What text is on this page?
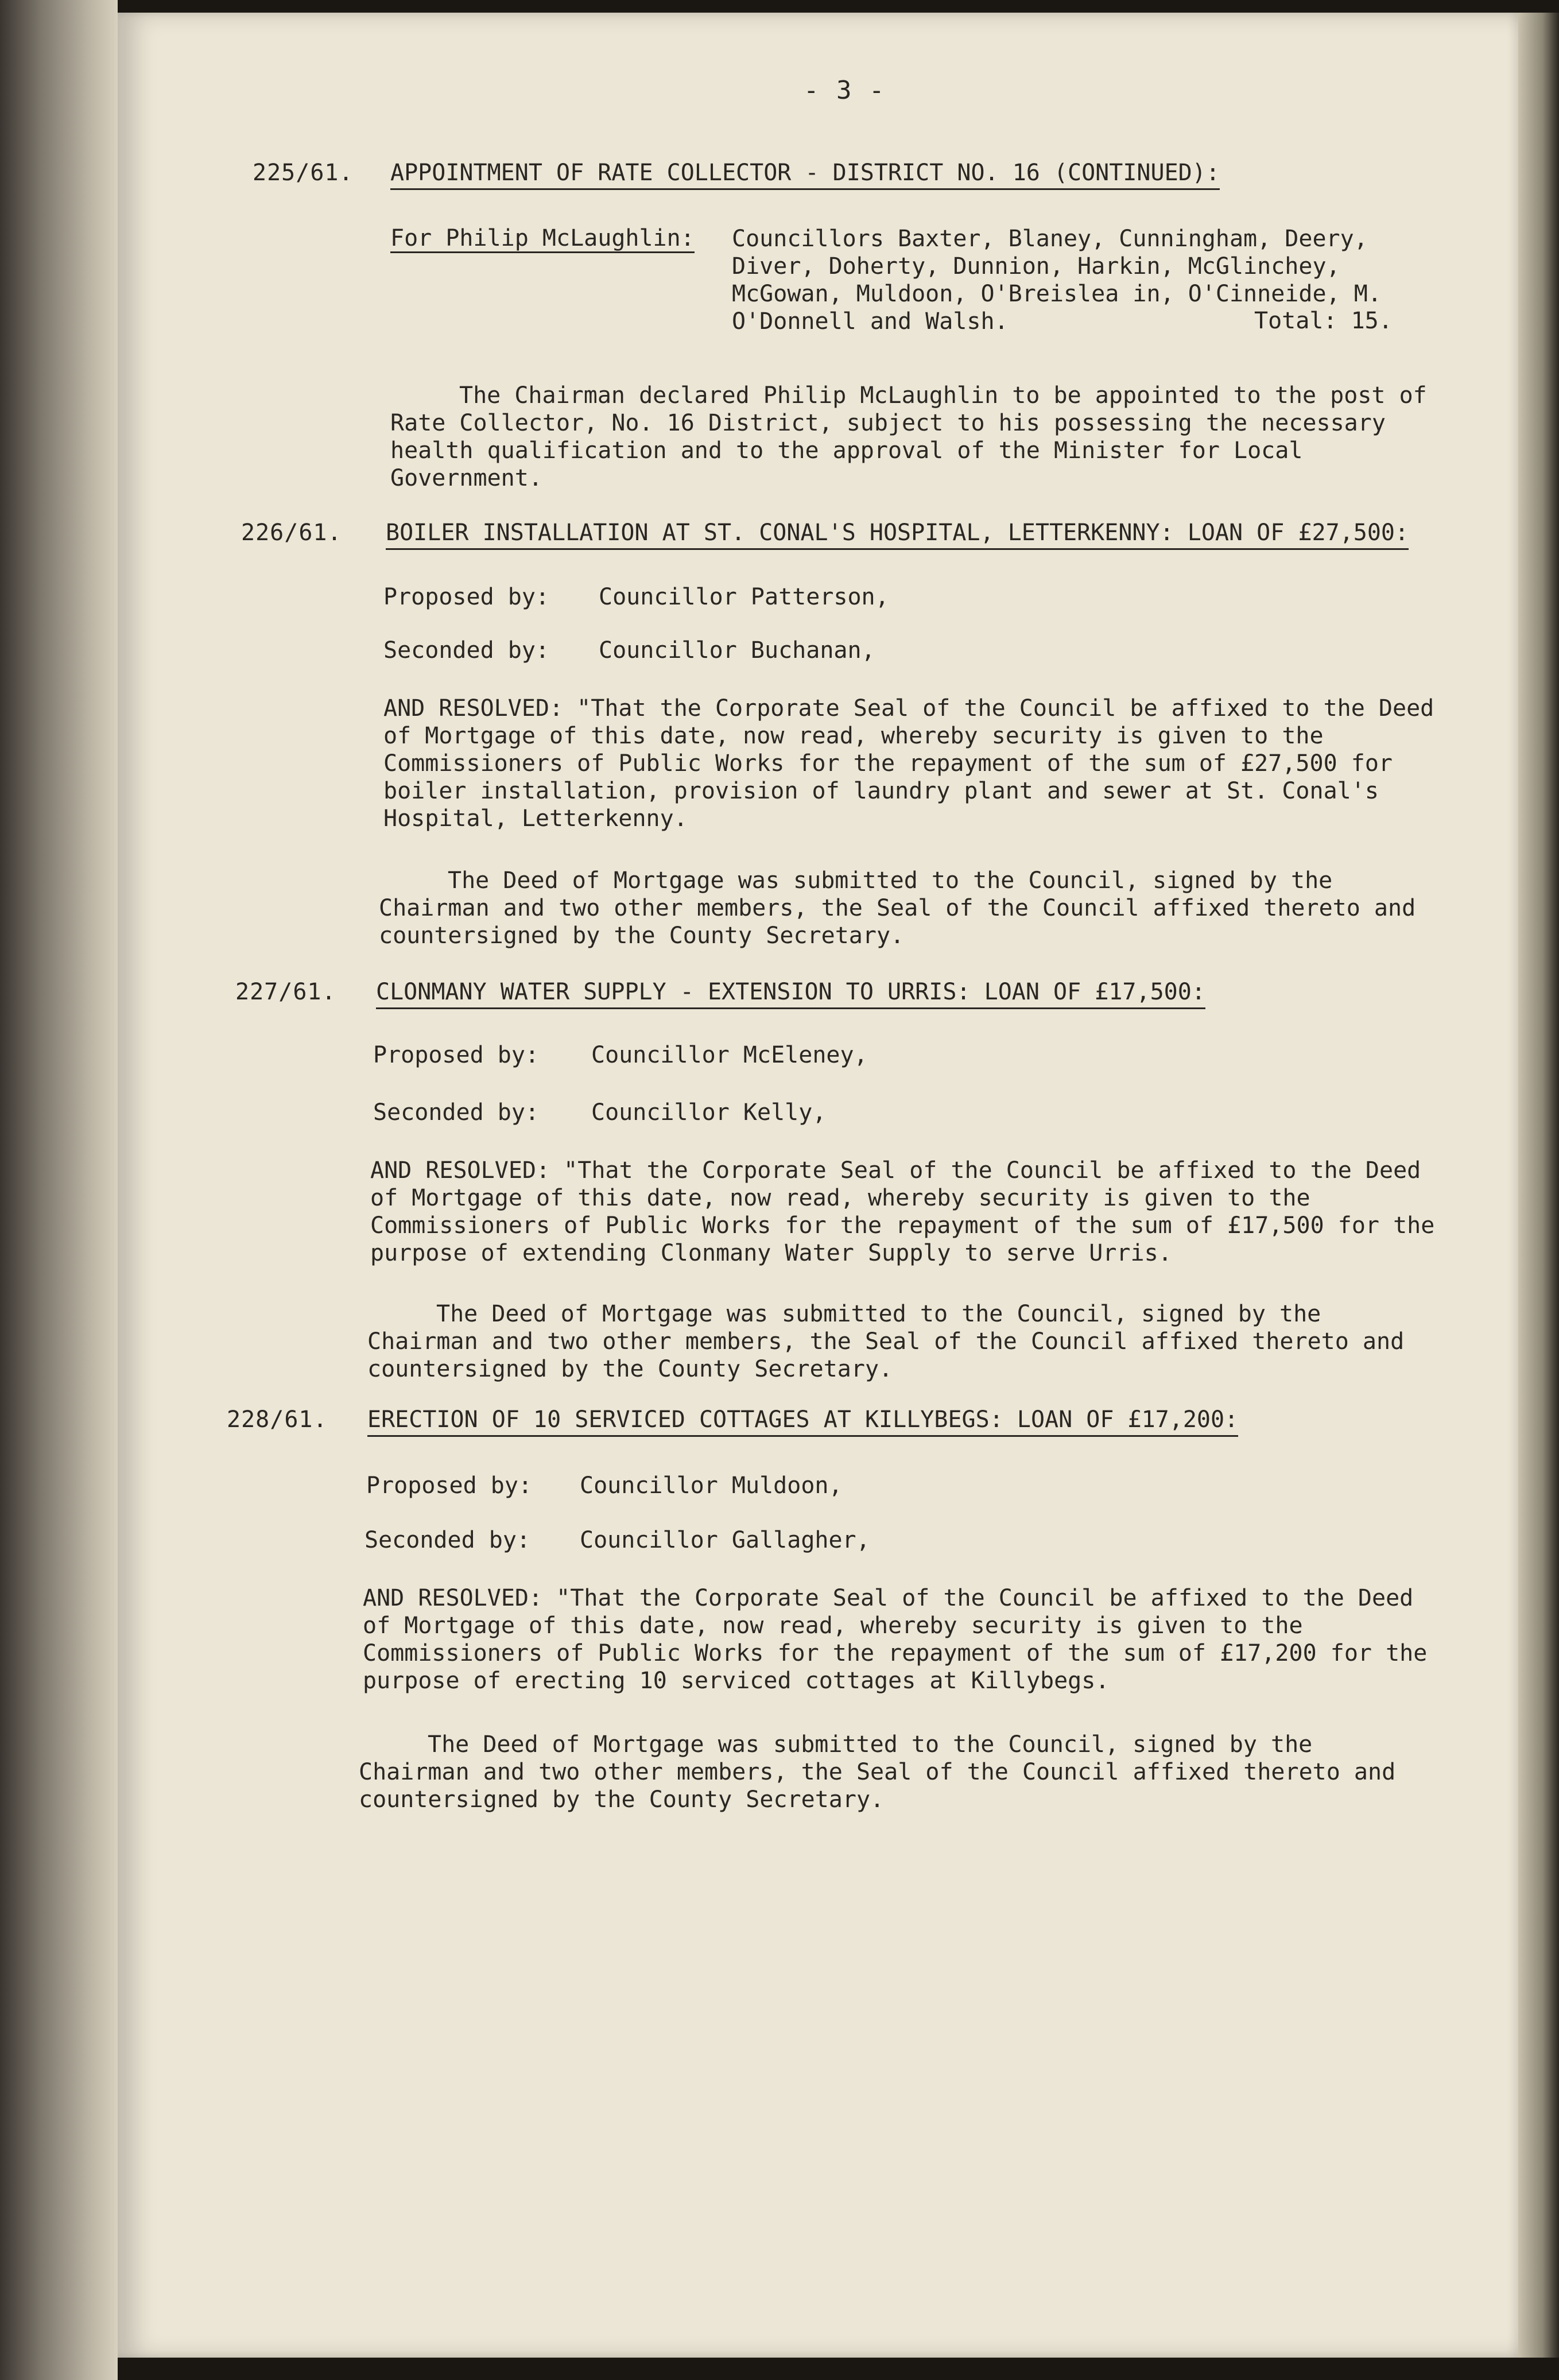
- 3 -
225/61. APPOINTMENT OF RATE COLLECTOR - DISTRICT NO. 16 (CONTINUED):
For Philip McLaughlin: Councillors Baxter, Blaney, Cunningham, Deery, Diver, Doherty, Dunnion, Harkin, McGlinchey, McGowan, Muldoon, O'Breislea in, O'Cinneide, M. O'Donnell and Walsh.	Total: 15.
The Chairman declared Philip McLaughlin to be appointed to the post of Rate Collector, No. 16 District, subject to his possessing the necessary health qualification and to the approval of the Minister for Local Government.
226/61. BOILER INSTALLATION AT ST. CONAL'S HOSPITAL, LETTERKENNY: LOAN OF £27,500:
Proposed by: Councillor Patterson,
Seconded by: Councillor Buchanan,
AND RESOLVED: "That the Corporate Seal of the Council be affixed to the Deed of Mortgage of this date, now read, whereby security is given to the Commissioners of Public Works for the repayment of the sum of £27,500 for boiler installation, provision of laundry plant and sewer at St. Conal's Hospital, Letterkenny.
The Deed of Mortgage was submitted to the Council, signed by the Chairman and two other members, the Seal of the Council affixed thereto and countersigned by the County Secretary.
227/61. CLONMANY WATER SUPPLY - EXTENSION TO URRIS: LOAN OF £17,500:
Proposed by: Councillor McEleney,
Seconded by: Councillor Kelly,
AND RESOLVED: "That the Corporate Seal of the Council be affixed to the Deed of Mortgage of this date, now read, whereby security is given to the Commissioners of Public Works for the repayment of the sum of £17,500 for the purpose of extending Clonmany Water Supply to serve Urris.
The Deed of Mortgage was submitted to the Council, signed by the Chairman and two other members, the Seal of the Council affixed thereto and countersigned by the County Secretary.
228/61. ERECTION OF 10 SERVICED COTTAGES AT KILLYBEGS: LOAN OF £17,200:
Proposed by: Councillor Muldoon,
Seconded by: Councillor Gallagher,
AND RESOLVED: "That the Corporate Seal of the Council be affixed to the Deed of Mortgage of this date, now read, whereby security is given to the Commissioners of Public Works for the repayment of the sum of £17,200 for the purpose of erecting 10 serviced cottages at Killybegs.
The Deed of Mortgage was submitted to the Council, signed by the Chairman and two other members, the Seal of the Council affixed thereto and countersigned by the County Secretary.
